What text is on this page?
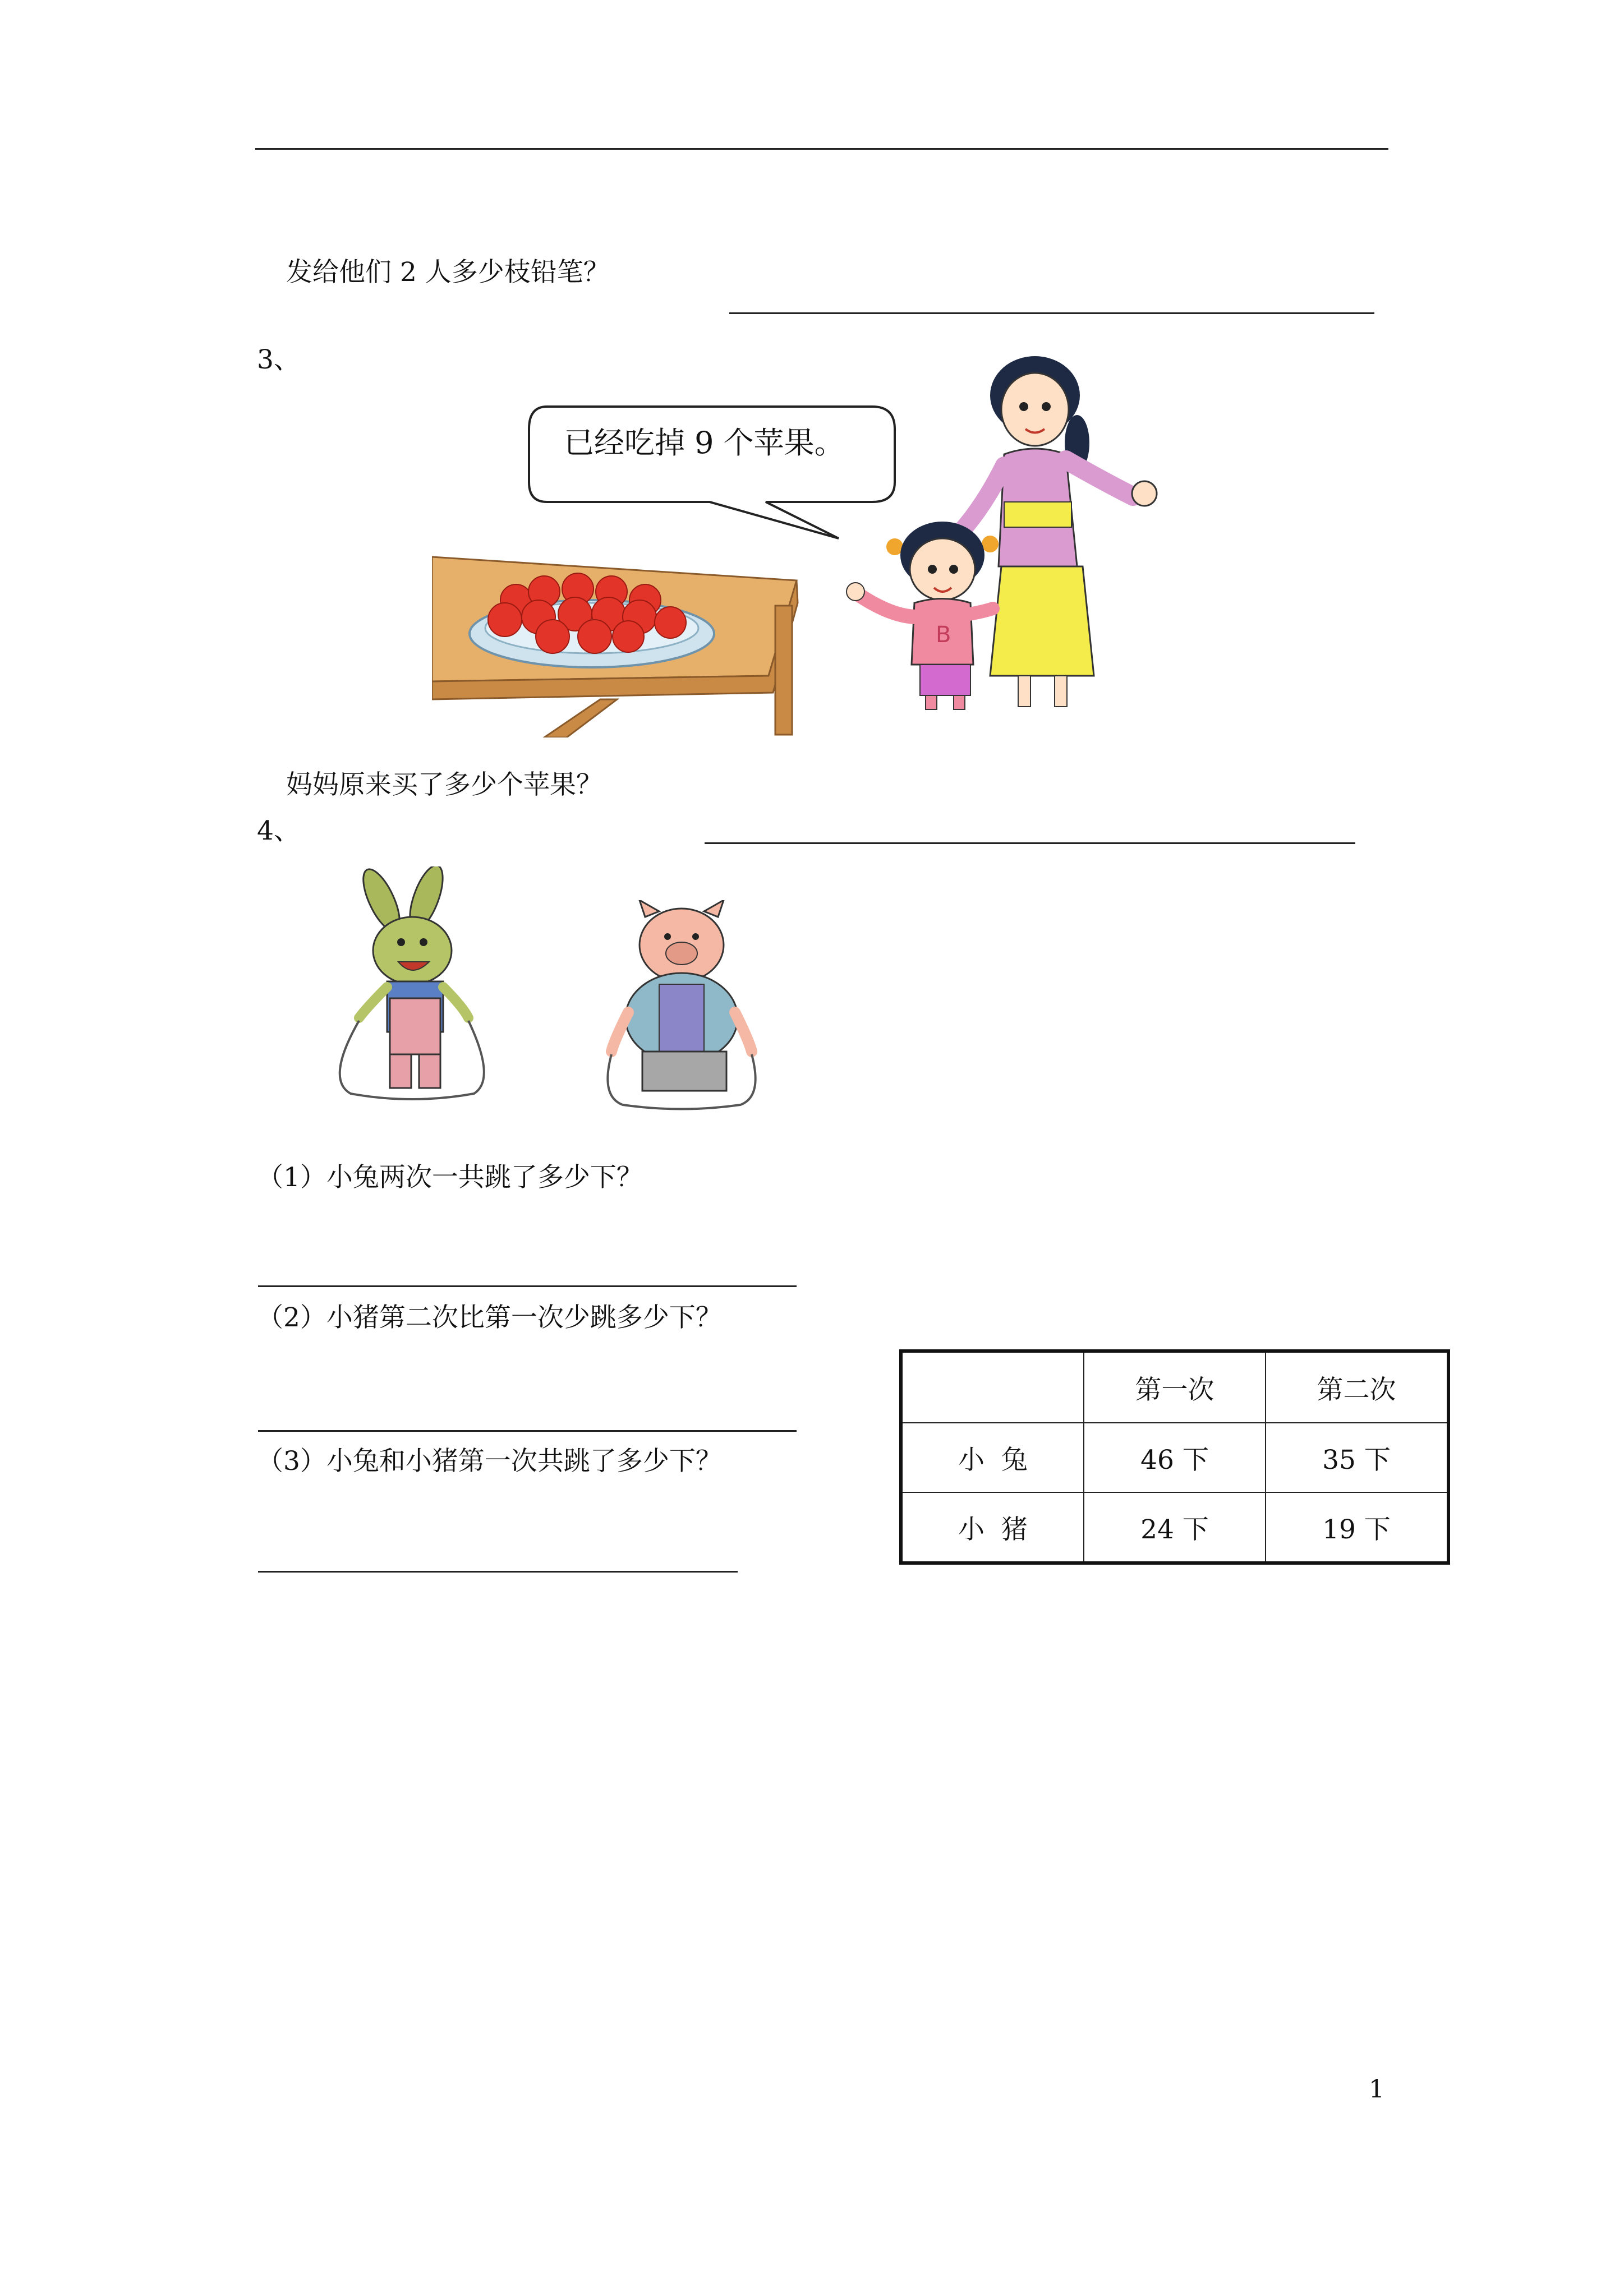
发给他们 2 人多少枝铅笔？
3、
已经吃掉 9 个苹果。
B
妈妈原来买了多少个苹果？
4、
（1）小兔两次一共跳了多少下？
（2）小猪第二次比第一次少跳多少下？
（3）小兔和小猪第一次共跳了多少下？
	第一次	第二次
小  兔	46 下	35 下
小  猪	24 下	19 下
1
